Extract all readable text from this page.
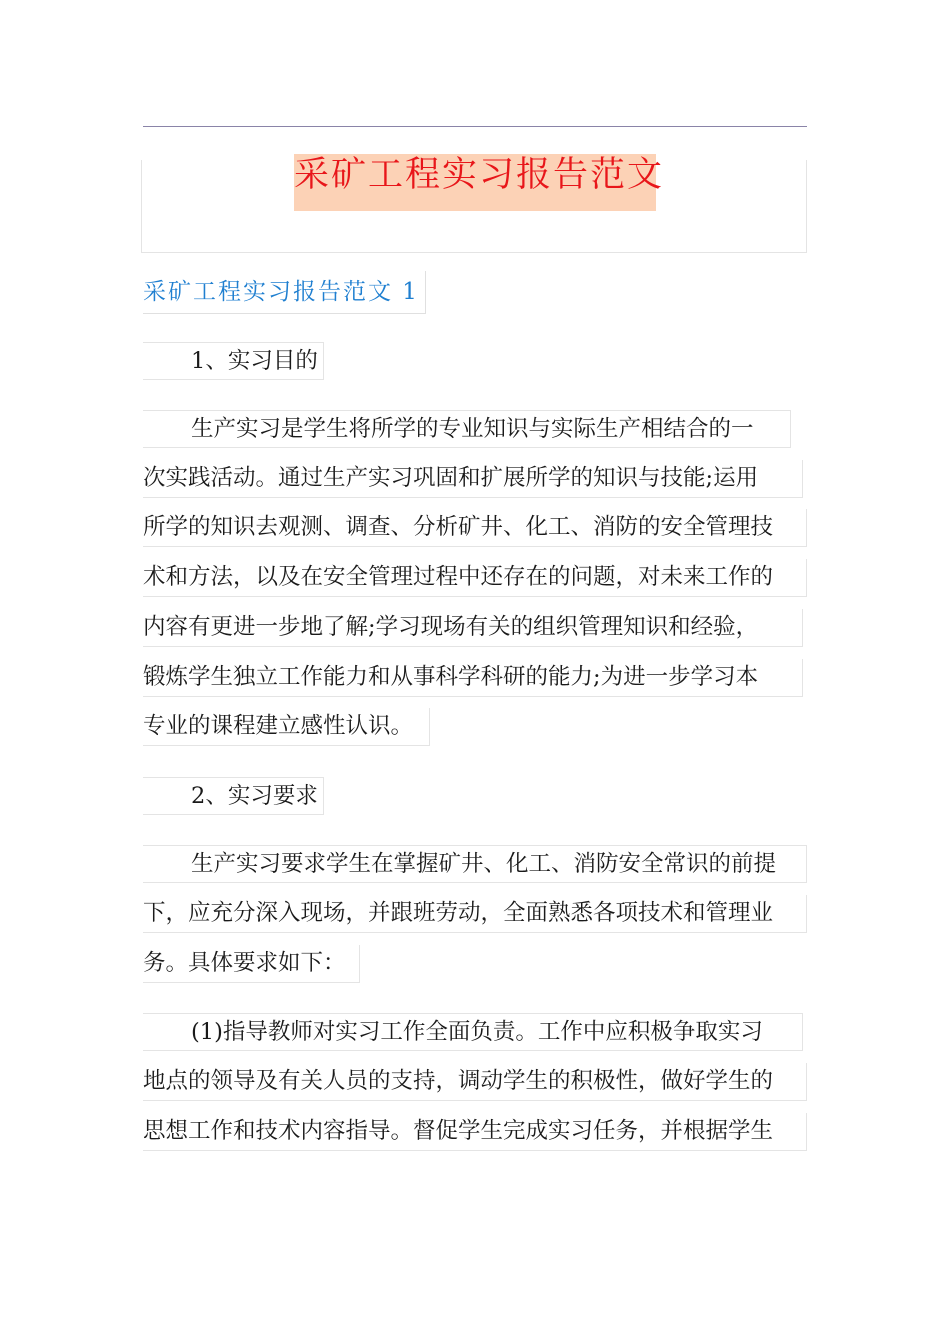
采矿工程实习报告范文
采矿工程实习报告范文 1
1、实习目的
生产实习是学生将所学的专业知识与实际生产相结合的一
次实践活动。通过生产实习巩固和扩展所学的知识与技能;运用
所学的知识去观测、调查、分析矿井、化工、消防的安全管理技
术和方法，以及在安全管理过程中还存在的问题，对未来工作的
内容有更进一步地了解;学习现场有关的组织管理知识和经验，
锻炼学生独立工作能力和从事科学科研的能力;为进一步学习本
专业的课程建立感性认识。
2、实习要求
生产实习要求学生在掌握矿井、化工、消防安全常识的前提
下，应充分深入现场，并跟班劳动，全面熟悉各项技术和管理业
务。具体要求如下：
(1)指导教师对实习工作全面负责。工作中应积极争取实习
地点的领导及有关人员的支持，调动学生的积极性，做好学生的
思想工作和技术内容指导。督促学生完成实习任务，并根据学生
